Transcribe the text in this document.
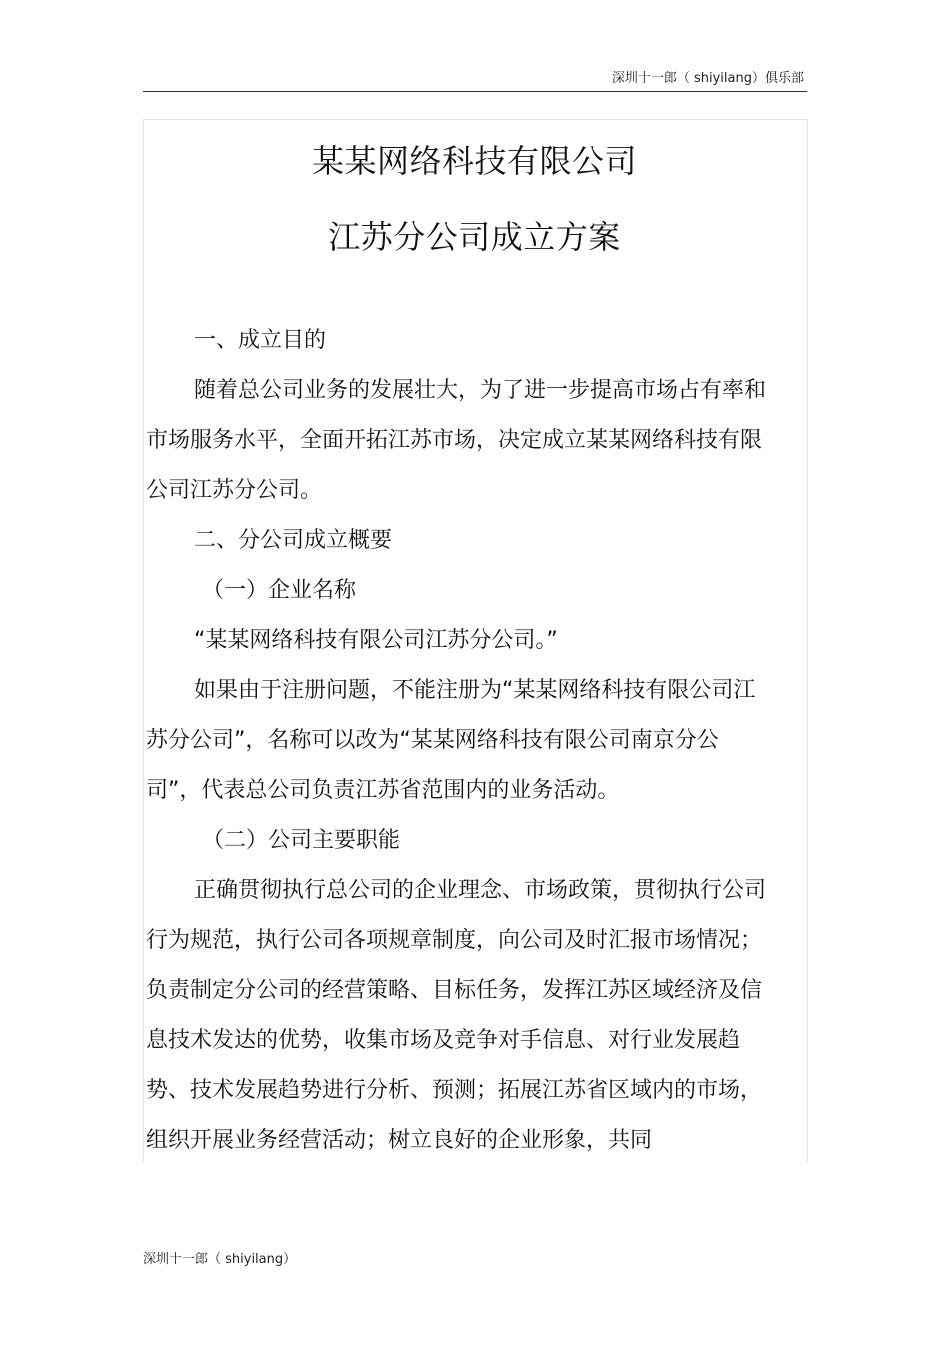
深圳十一郎（ shiyilang）俱乐部
某某网络科技有限公司
江苏分公司成立方案

一、成立目的

随着总公司业务的发展壮大，为了进一步提高市场占有率和市场服务水平，全面开拓江苏市场，决定成立某某网络科技有限公司江苏分公司。

二、分公司成立概要

（一）企业名称

“某某网络科技有限公司江苏分公司。”

如果由于注册问题，不能注册为“某某网络科技有限公司江苏分公司”，名称可以改为“某某网络科技有限公司南京分公司”，代表总公司负责江苏省范围内的业务活动。

（二）公司主要职能

正确贯彻执行总公司的企业理念、市场政策，贯彻执行公司行为规范，执行公司各项规章制度，向公司及时汇报市场情况；负责制定分公司的经营策略、目标任务，发挥江苏区域经济及信息技术发达的优势，收集市场及竞争对手信息、对行业发展趋势、技术发展趋势进行分析、预测；拓展江苏省区域内的市场，组织开展业务经营活动；树立良好的企业形象，共同

深圳十一郎（ shiyilang）
